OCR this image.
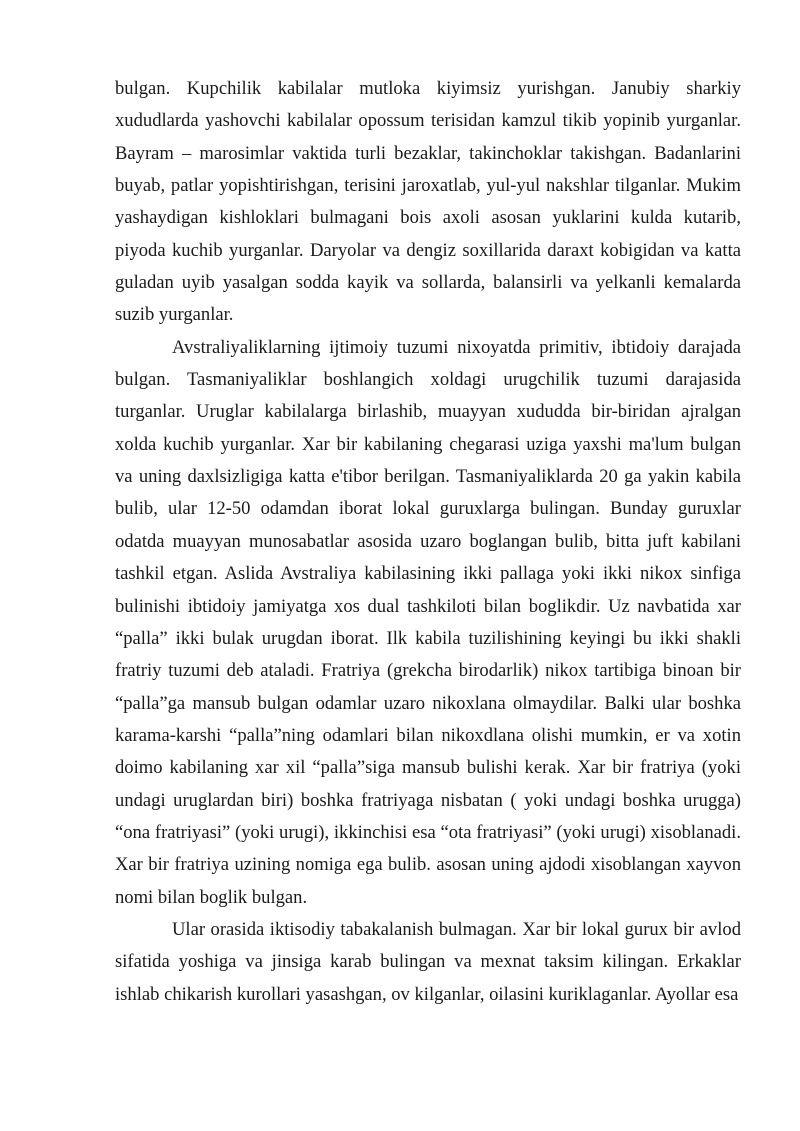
bulgan. Kupchilik kabilalar mutloka kiyimsiz yurishgan. Janubiy sharkiy xududlarda yashovchi kabilalar opossum terisidan kamzul tikib yopinib yurganlar. Bayram – marosimlar vaktida turli bezaklar, takinchoklar takishgan. Badanlarini buyab, patlar yopishtirishgan, terisini jaroxatlab, yul-yul nakshlar tilganlar. Mukim yashaydigan kishloklari bulmagani bois axoli asosan yuklarini kulda kutarib, piyoda kuchib yurganlar. Daryolar va dengiz soxillarida daraxt kobigidan va katta guladan uyib yasalgan sodda kayik va sollarda, balansirli va yelkanli kemalarda suzib yurganlar.

Avstraliyaliklarning ijtimoiy tuzumi nixoyatda primitiv, ibtidoiy darajada bulgan. Tasmaniyaliklar boshlangich xoldagi urugchilik tuzumi darajasida turganlar. Uruglar kabilalarga birlashib, muayyan xududda bir-biridan ajralgan xolda kuchib yurganlar. Xar bir kabilaning chegarasi uziga yaxshi ma'lum bulgan va uning daxlsizligiga katta e'tibor berilgan. Tasmaniyaliklarda 20 ga yakin kabila bulib, ular 12-50 odamdan iborat lokal guruxlarga bulingan. Bunday guruxlar odatda muayyan munosabatlar asosida uzaro boglangan bulib, bitta juft kabilani tashkil etgan. Aslida Avstraliya kabilasining ikki pallaga yoki ikki nikox sinfiga bulinishi ibtidoiy jamiyatga xos dual tashkiloti bilan boglikdir. Uz navbatida xar “palla” ikki bulak urugdan iborat. Ilk kabila tuzilishining keyingi bu ikki shakli fratriy tuzumi deb ataladi. Fratriya (grekcha birodarlik) nikox tartibiga binoan bir “palla”ga mansub bulgan odamlar uzaro nikoxlana olmaydilar. Balki ular boshka karama-karshi “palla”ning odamlari bilan nikoxdlana olishi mumkin, er va xotin doimo kabilaning xar xil “palla”siga mansub bulishi kerak. Xar bir fratriya (yoki undagi uruglardan biri) boshka fratriyaga nisbatan ( yoki undagi boshka urugga) “ona fratriyasi” (yoki urugi), ikkinchisi esa “ota fratriyasi” (yoki urugi) xisoblanadi. Xar bir fratriya uzining nomiga ega bulib. asosan uning ajdodi xisoblangan xayvon nomi bilan boglik bulgan.

Ular orasida iktisodiy tabakalanish bulmagan. Xar bir lokal gurux bir avlod sifatida yoshiga va jinsiga karab bulingan va mexnat taksim kilingan. Erkaklar ishlab chikarish kurollari yasashgan, ov kilganlar, oilasini kuriklaganlar. Ayollar esa
